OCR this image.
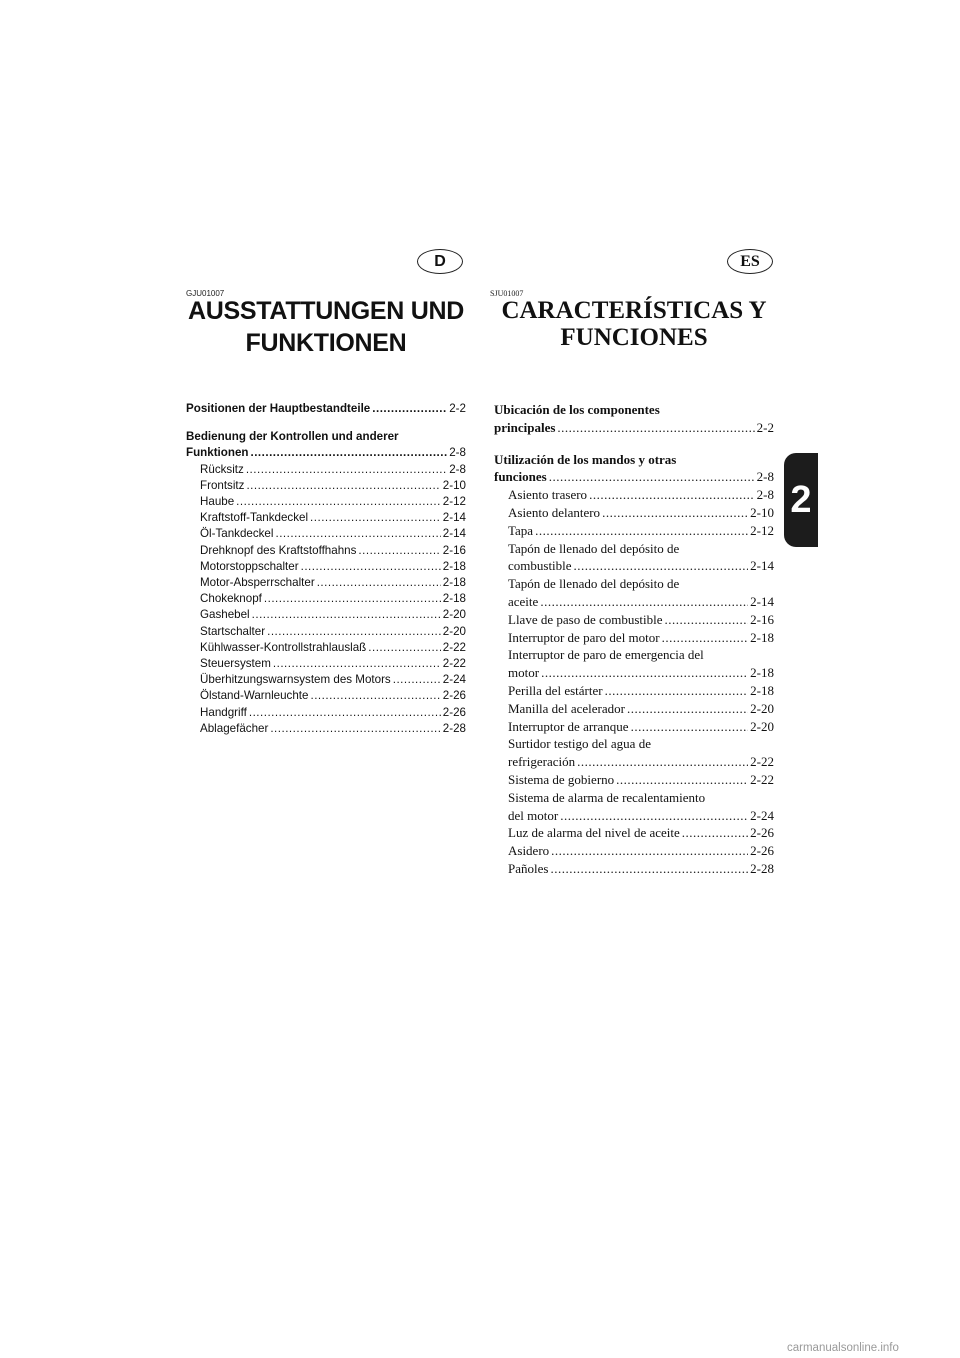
D	ES
GJU01007	SJU01007
AUSSTATTUNGEN UND
FUNKTIONEN
CARACTERÍSTICAS Y
FUNCIONES
Positionen der Hauptbestandteile .....	2-2
Bedienung der Kontrollen und anderer
Funktionen .....	2-8
Rücksitz .....	2-8
Frontsitz .....	2-10
Haube .....	2-12
Kraftstoff-Tankdeckel .....	2-14
Öl-Tankdeckel .....	2-14
Drehknopf des Kraftstoffhahns .....	2-16
Motorstoppschalter .....	2-18
Motor-Absperrschalter .....	2-18
Chokeknopf .....	2-18
Gashebel .....	2-20
Startschalter .....	2-20
Kühlwasser-Kontrollstrahlauslaß .....	2-22
Steuersystem .....	2-22
Überhitzungswarnsystem des Motors .....	2-24
Ölstand-Warnleuchte .....	2-26
Handgriff .....	2-26
Ablagefächer .....	2-28
Ubicación de los componentes
principales .....	2-2
Utilización de los mandos y otras
funciones .....	2-8
Asiento trasero .....	2-8
Asiento delantero .....	2-10
Tapa .....	2-12
Tapón de llenado del depósito de
combustible .....	2-14
Tapón de llenado del depósito de
aceite .....	2-14
Llave de paso de combustible .....	2-16
Interruptor de paro del motor .....	2-18
Interruptor de paro de emergencia del
motor .....	2-18
Perilla del estárter .....	2-18
Manilla del acelerador .....	2-20
Interruptor de arranque .....	2-20
Surtidor testigo del agua de
refrigeración .....	2-22
Sistema de gobierno .....	2-22
Sistema de alarma de recalentamiento
del motor .....	2-24
Luz de alarma del nivel de aceite .....	2-26
Asidero .....	2-26
Pañoles .....	2-28
2
carmanualsonline.info
